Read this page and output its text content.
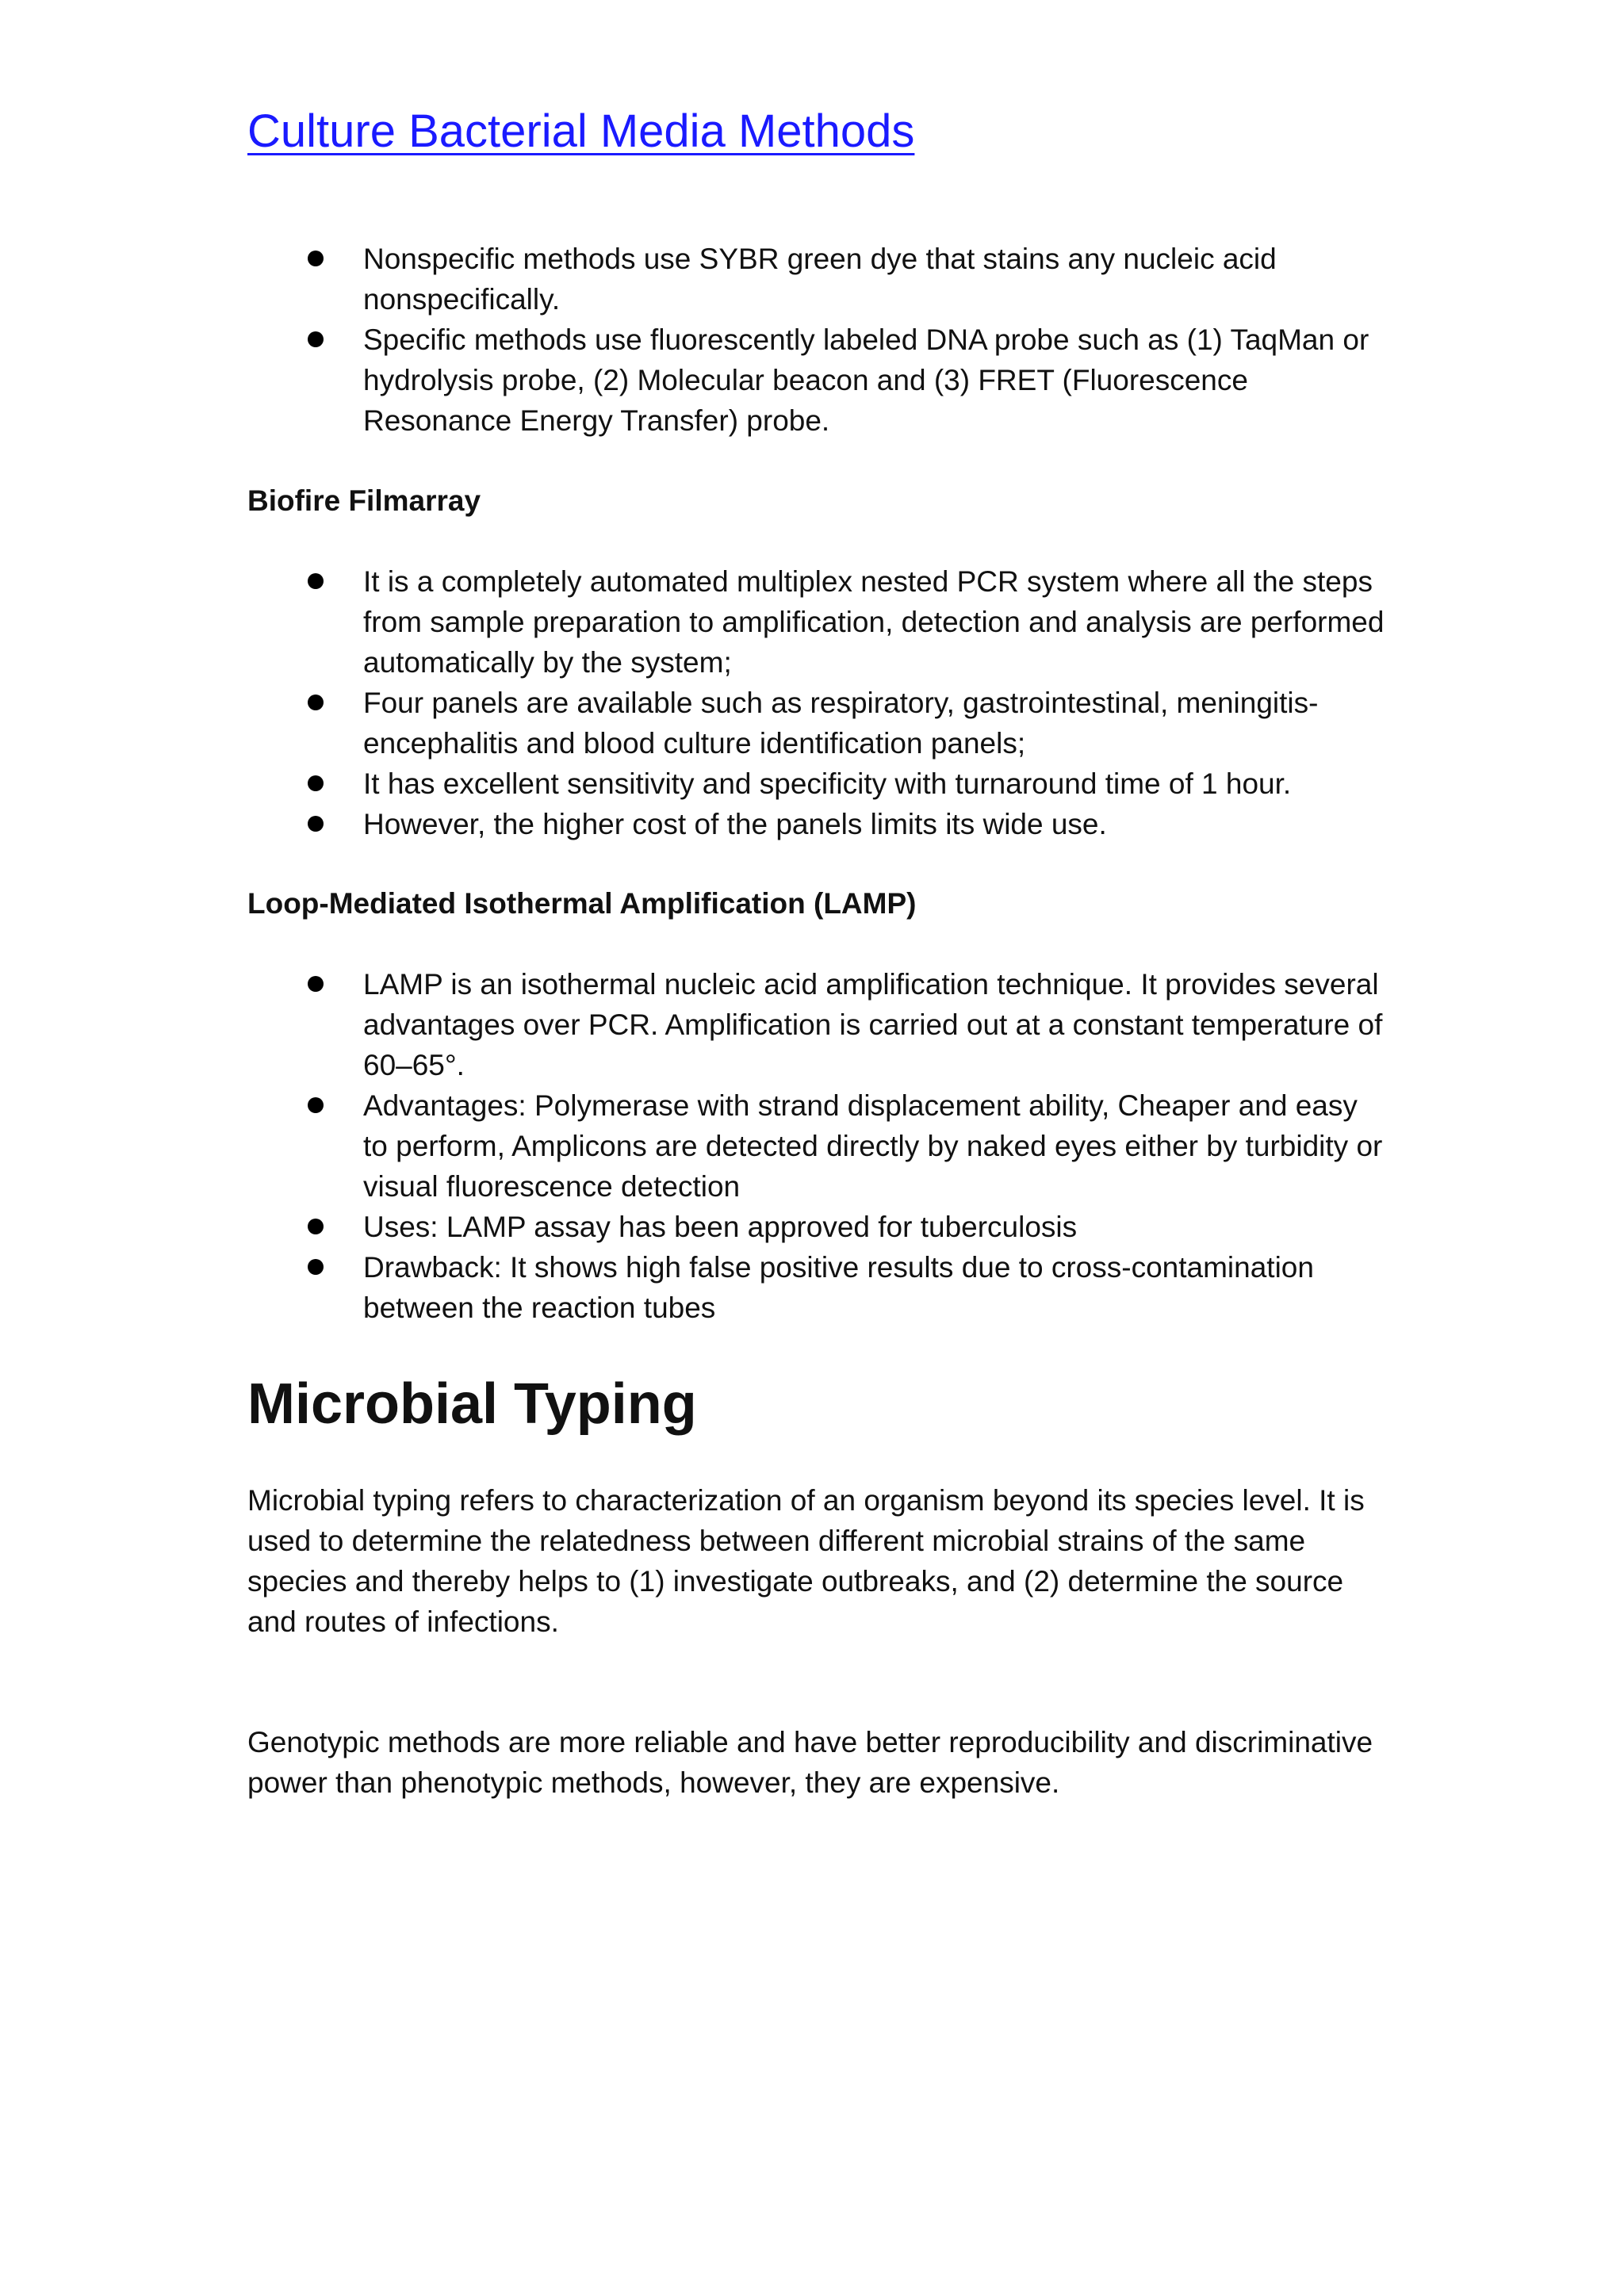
Culture Bacterial Media Methods
Nonspecific methods use SYBR green dye that stains any nucleic acid nonspecifically.
Specific methods use fluorescently labeled DNA probe such as (1) TaqMan or hydrolysis probe, (2) Molecular beacon and (3) FRET (Fluorescence Resonance Energy Transfer) probe.
Biofire Filmarray
It is a completely automated multiplex nested PCR system where all the steps from sample preparation to amplification, detection and analysis are performed automatically by the system;
Four panels are available such as respiratory, gastrointestinal, meningitis-encephalitis and blood culture identification panels;
It has excellent sensitivity and specificity with turnaround time of 1 hour.
However, the higher cost of the panels limits its wide use.
Loop-Mediated Isothermal Amplification (LAMP)
LAMP is an isothermal nucleic acid amplification technique. It provides several advantages over PCR. Amplification is carried out at a constant temperature of 60–65°.
Advantages: Polymerase with strand displacement ability, Cheaper and easy to perform, Amplicons are detected directly by naked eyes either by turbidity or visual fluorescence detection
Uses: LAMP assay has been approved for tuberculosis
Drawback: It shows high false positive results due to cross-contamination between the reaction tubes
Microbial Typing

Microbial typing refers to characterization of an organism beyond its species level. It is used to determine the relatedness between different microbial strains of the same species and thereby helps to (1) investigate outbreaks, and (2) determine the source and routes of infections.

Genotypic methods are more reliable and have better reproducibility and discriminative power than phenotypic methods, however, they are expensive.
